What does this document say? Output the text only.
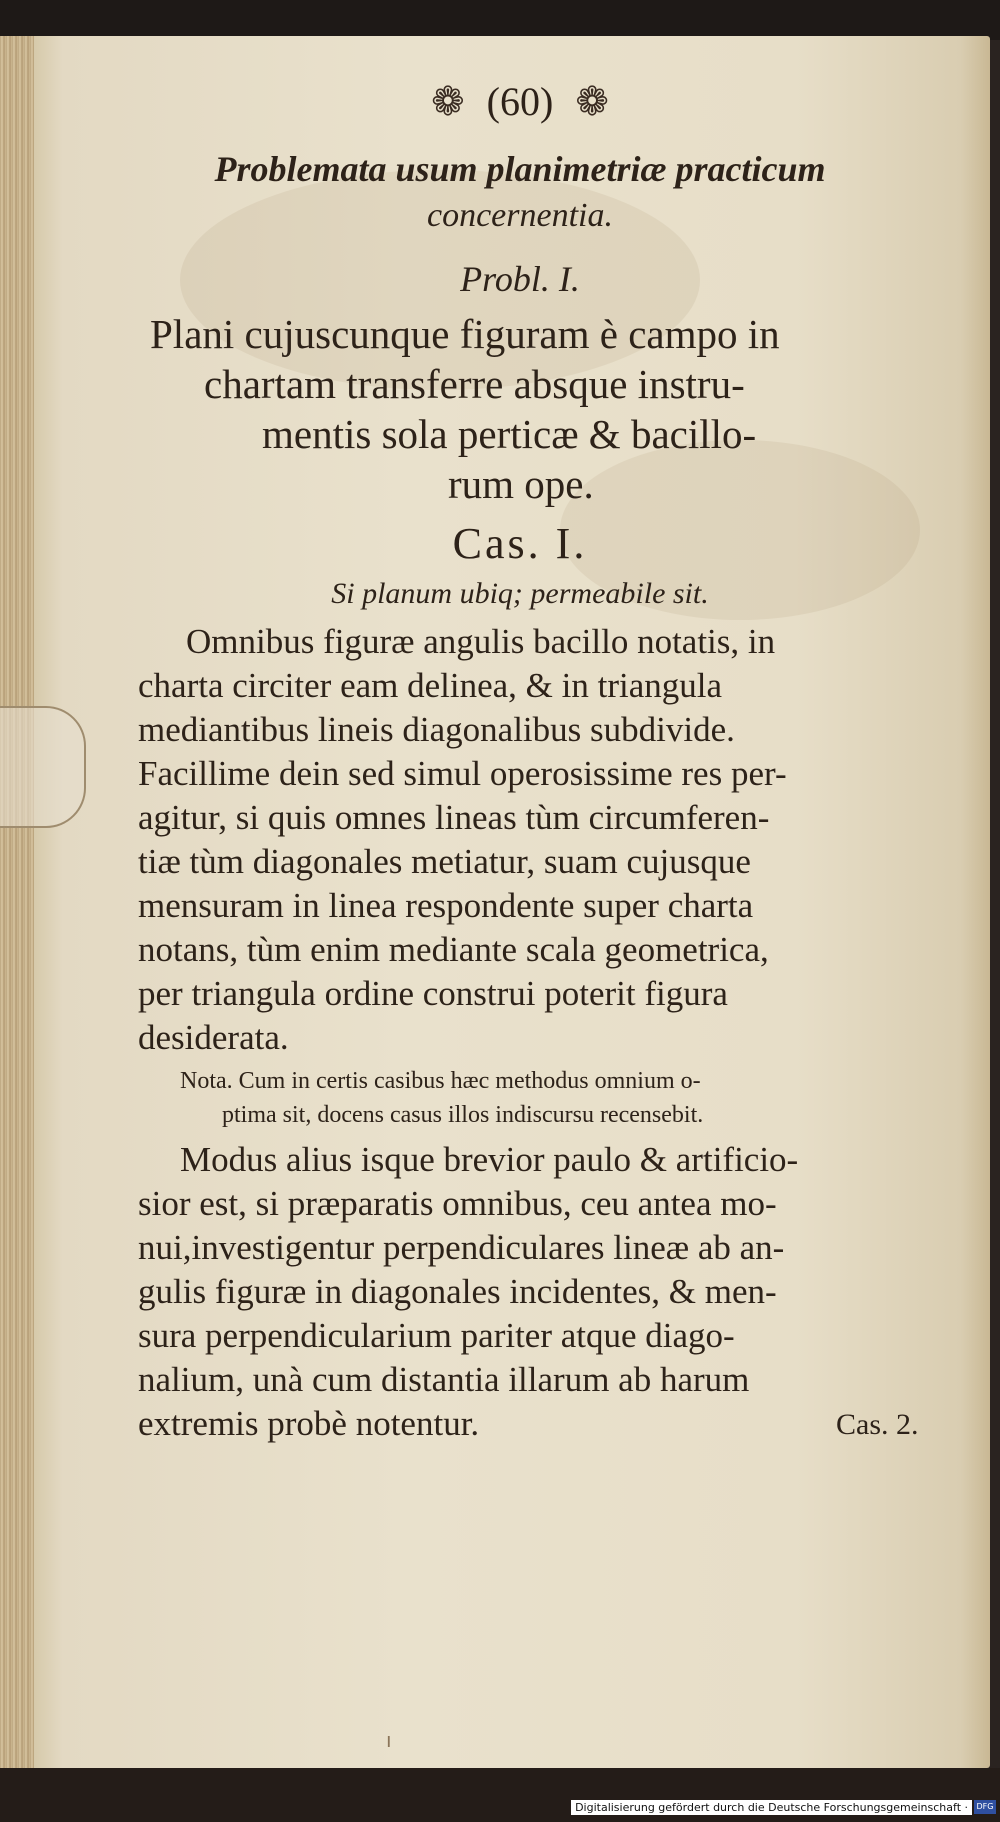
❁ (60) ❁
Problemata usum planimetriæ practicum
concernentia.
Probl. I.
Plani cujuscunque figuram è campo in
chartam transferre absque instru-
mentis sola perticæ & bacillo-
rum ope.
Cas. I.
Si planum ubiq; permeabile sit.
Omnibus figuræ angulis bacillo notatis, in
charta circiter eam delinea, & in triangula
mediantibus lineis diagonalibus subdivide.
Facillime dein sed simul operosissime res per-
agitur, si quis omnes lineas tùm circumferen-
tiæ tùm diagonales metiatur, suam cujusque
mensuram in linea respondente super charta
notans, tùm enim mediante scala geometrica,
per triangula ordine construi poterit figura
desiderata.
Nota. Cum in certis casibus hæc methodus omnium o-
ptima sit, docens casus illos indiscursu recensebit.
Modus alius isque brevior paulo & artificio-
sior est, si præparatis omnibus, ceu antea mo-
nui,investigentur perpendiculares lineæ ab an-
gulis figuræ in diagonales incidentes, & men-
sura perpendicularium pariter atque diago-
nalium, unà cum distantia illarum ab harum
extremis probè notentur.	Cas. 2.
ı
Digitalisierung gefördert durch die Deutsche Forschungsgemeinschaft ·	DFG
